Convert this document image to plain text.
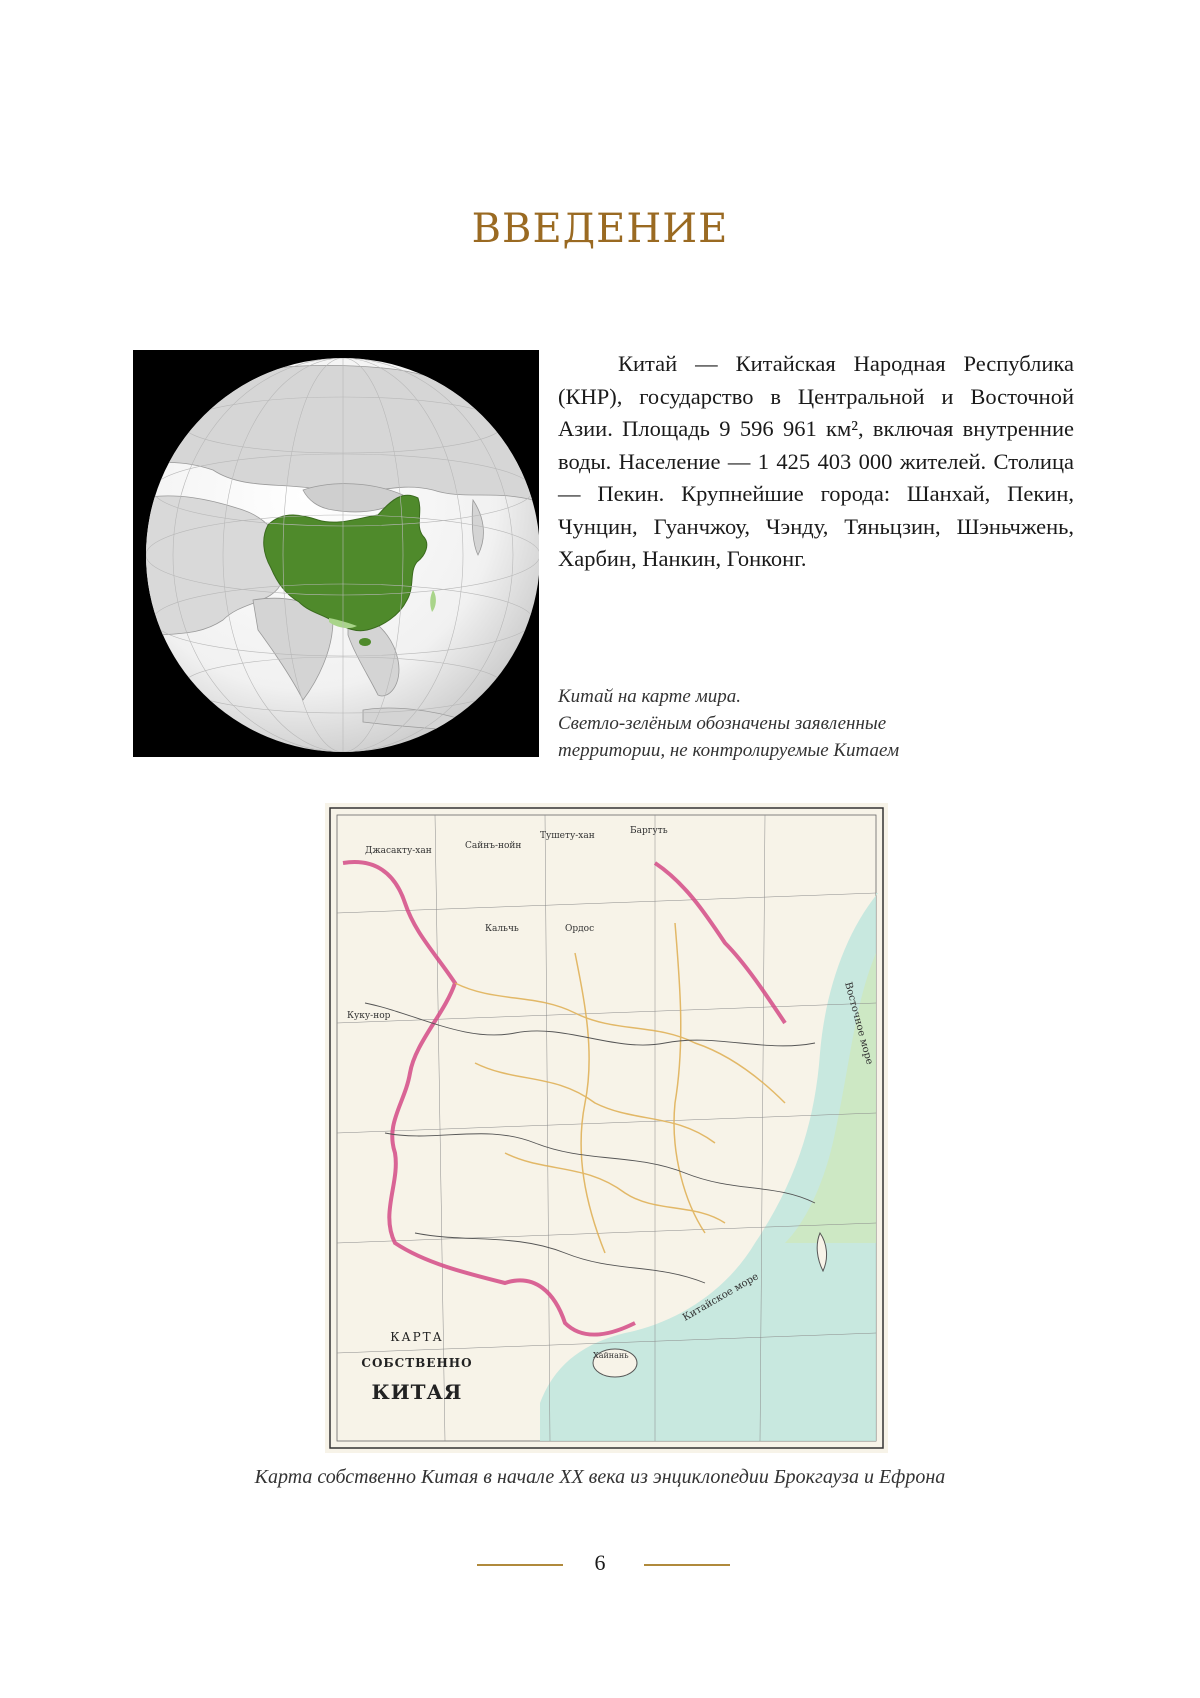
ВВЕДЕНИЕ

Китай — Китайская Народная Республика (КНР), государство в Центральной и Восточной Азии. Площадь 9 596 961 км², включая внутренние воды. Население — 1 425 403 000 жителей. Столица — Пекин. Крупнейшие города: Шанхай, Пекин, Чунцин, Гуанчжоу, Чэнду, Тяньцзин, Шэньчжень, Харбин, Нанкин, Гонконг.

Китай на карте мира.
Светло-зелёным обозначены заявленные
территории, не контролируемые Китаем
Джасакту-хан	Сайнъ-нойн
Тушету-хан	Баргуть
Кальчь	Ордос
Куку-нор
Хайнань
Китайское море
Восточное море
КАРТА
СОБСТВЕННО
КИТАЯ

Карта собственно Китая в начале XX века из энциклопедии Брокгауза и Ефрона

6
